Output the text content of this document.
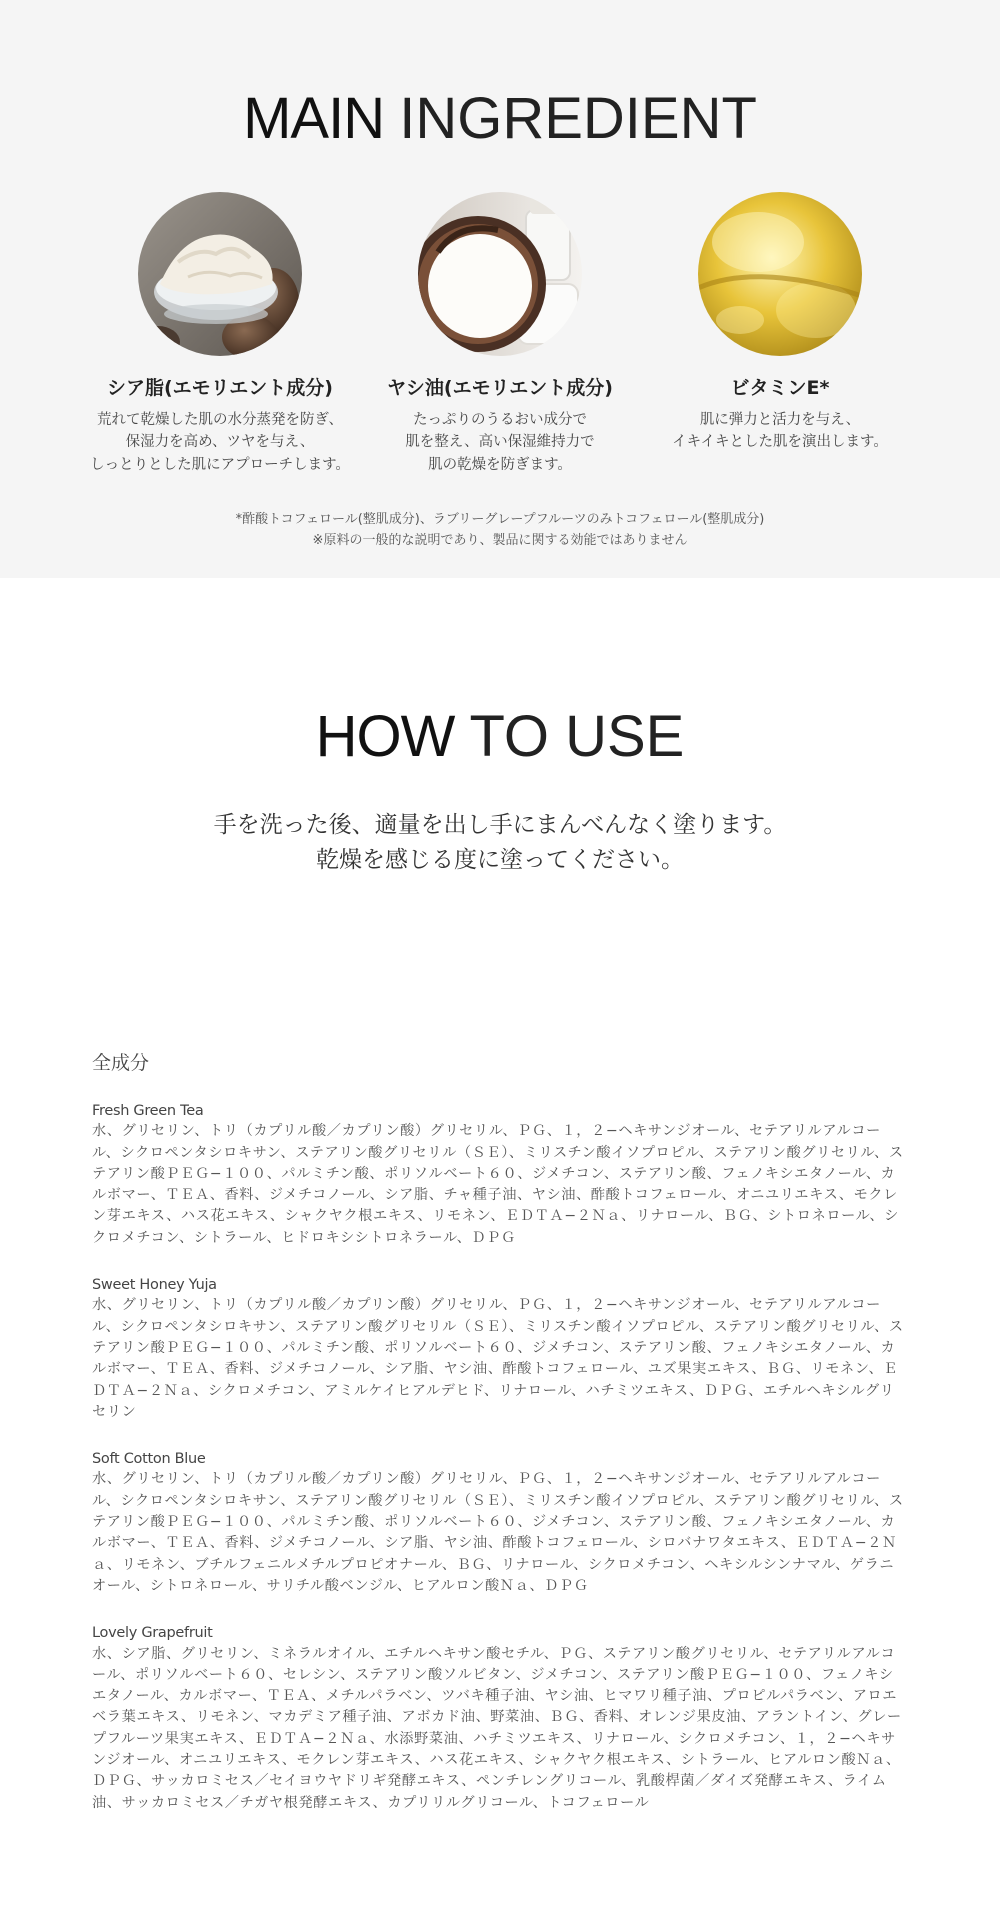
MAIN INGREDIENT
シア脂(エモリエント成分)
荒れて乾燥した肌の水分蒸発を防ぎ、
保湿力を高め、ツヤを与え、
しっとりとした肌にアプローチします。
ヤシ油(エモリエント成分)
たっぷりのうるおい成分で
肌を整え、高い保湿維持力で
肌の乾燥を防ぎます。
ビタミンE*
肌に弾力と活力を与え、
イキイキとした肌を演出します。
*酢酸トコフェロール(整肌成分)、ラブリーグレープフルーツのみトコフェロール(整肌成分)
※原料の一般的な説明であり、製品に関する効能ではありません
HOW TO USE
手を洗った後、適量を出し手にまんべんなく塗ります。
乾燥を感じる度に塗ってください。
全成分
Fresh Green Tea

水、グリセリン、トリ（カプリル酸／カプリン酸）グリセリル、ＰＧ、１，２−ヘキサンジオール、セテアリルアルコール、シクロペンタシロキサン、ステアリン酸グリセリル（ＳＥ）、ミリスチン酸イソプロピル、ステアリン酸グリセリル、ステアリン酸ＰＥＧ−１００、パルミチン酸、ポリソルベート６０、ジメチコン、ステアリン酸、フェノキシエタノール、カルボマー、ＴＥＡ、香料、ジメチコノール、シア脂、チャ種子油、ヤシ油、酢酸トコフェロール、オニユリエキス、モクレン芽エキス、ハス花エキス、シャクヤク根エキス、リモネン、ＥＤＴＡ−２Ｎａ、リナロール、ＢＧ、シトロネロール、シクロメチコン、シトラール、ヒドロキシシトロネラール、ＤＰＧ

Sweet Honey Yuja

水、グリセリン、トリ（カプリル酸／カプリン酸）グリセリル、ＰＧ、１，２−ヘキサンジオール、セテアリルアルコール、シクロペンタシロキサン、ステアリン酸グリセリル（ＳＥ）、ミリスチン酸イソプロピル、ステアリン酸グリセリル、ステアリン酸ＰＥＧ−１００、パルミチン酸、ポリソルベート６０、ジメチコン、ステアリン酸、フェノキシエタノール、カルボマー、ＴＥＡ、香料、ジメチコノール、シア脂、ヤシ油、酢酸トコフェロール、ユズ果実エキス、ＢＧ、リモネン、ＥＤＴＡ−２Ｎａ、シクロメチコン、アミルケイヒアルデヒド、リナロール、ハチミツエキス、ＤＰＧ、エチルヘキシルグリセリン

Soft Cotton Blue

水、グリセリン、トリ（カプリル酸／カプリン酸）グリセリル、ＰＧ、１，２−ヘキサンジオール、セテアリルアルコール、シクロペンタシロキサン、ステアリン酸グリセリル（ＳＥ）、ミリスチン酸イソプロピル、ステアリン酸グリセリル、ステアリン酸ＰＥＧ−１００、パルミチン酸、ポリソルベート６０、ジメチコン、ステアリン酸、フェノキシエタノール、カルボマー、ＴＥＡ、香料、ジメチコノール、シア脂、ヤシ油、酢酸トコフェロール、シロバナワタエキス、ＥＤＴＡ−２Ｎａ、リモネン、ブチルフェニルメチルプロピオナール、ＢＧ、リナロール、シクロメチコン、ヘキシルシンナマル、ゲラニオール、シトロネロール、サリチル酸ベンジル、ヒアルロン酸Ｎａ、ＤＰＧ

Lovely Grapefruit

水、シア脂、グリセリン、ミネラルオイル、エチルヘキサン酸セチル、ＰＧ、ステアリン酸グリセリル、セテアリルアルコール、ポリソルベート６０、セレシン、ステアリン酸ソルビタン、ジメチコン、ステアリン酸ＰＥＧ−１００、フェノキシエタノール、カルボマー、ＴＥＡ、メチルパラベン、ツバキ種子油、ヤシ油、ヒマワリ種子油、プロピルパラベン、アロエベラ葉エキス、リモネン、マカデミア種子油、アボカド油、野菜油、ＢＧ、香料、オレンジ果皮油、アラントイン、グレープフルーツ果実エキス、ＥＤＴＡ−２Ｎａ、水添野菜油、ハチミツエキス、リナロール、シクロメチコン、１，２−ヘキサンジオール、オニユリエキス、モクレン芽エキス、ハス花エキス、シャクヤク根エキス、シトラール、ヒアルロン酸Ｎａ、ＤＰＧ、サッカロミセス／セイヨウヤドリギ発酵エキス、ペンチレングリコール、乳酸桿菌／ダイズ発酵エキス、ライム油、サッカロミセス／チガヤ根発酵エキス、カプリリルグリコール、トコフェロール
